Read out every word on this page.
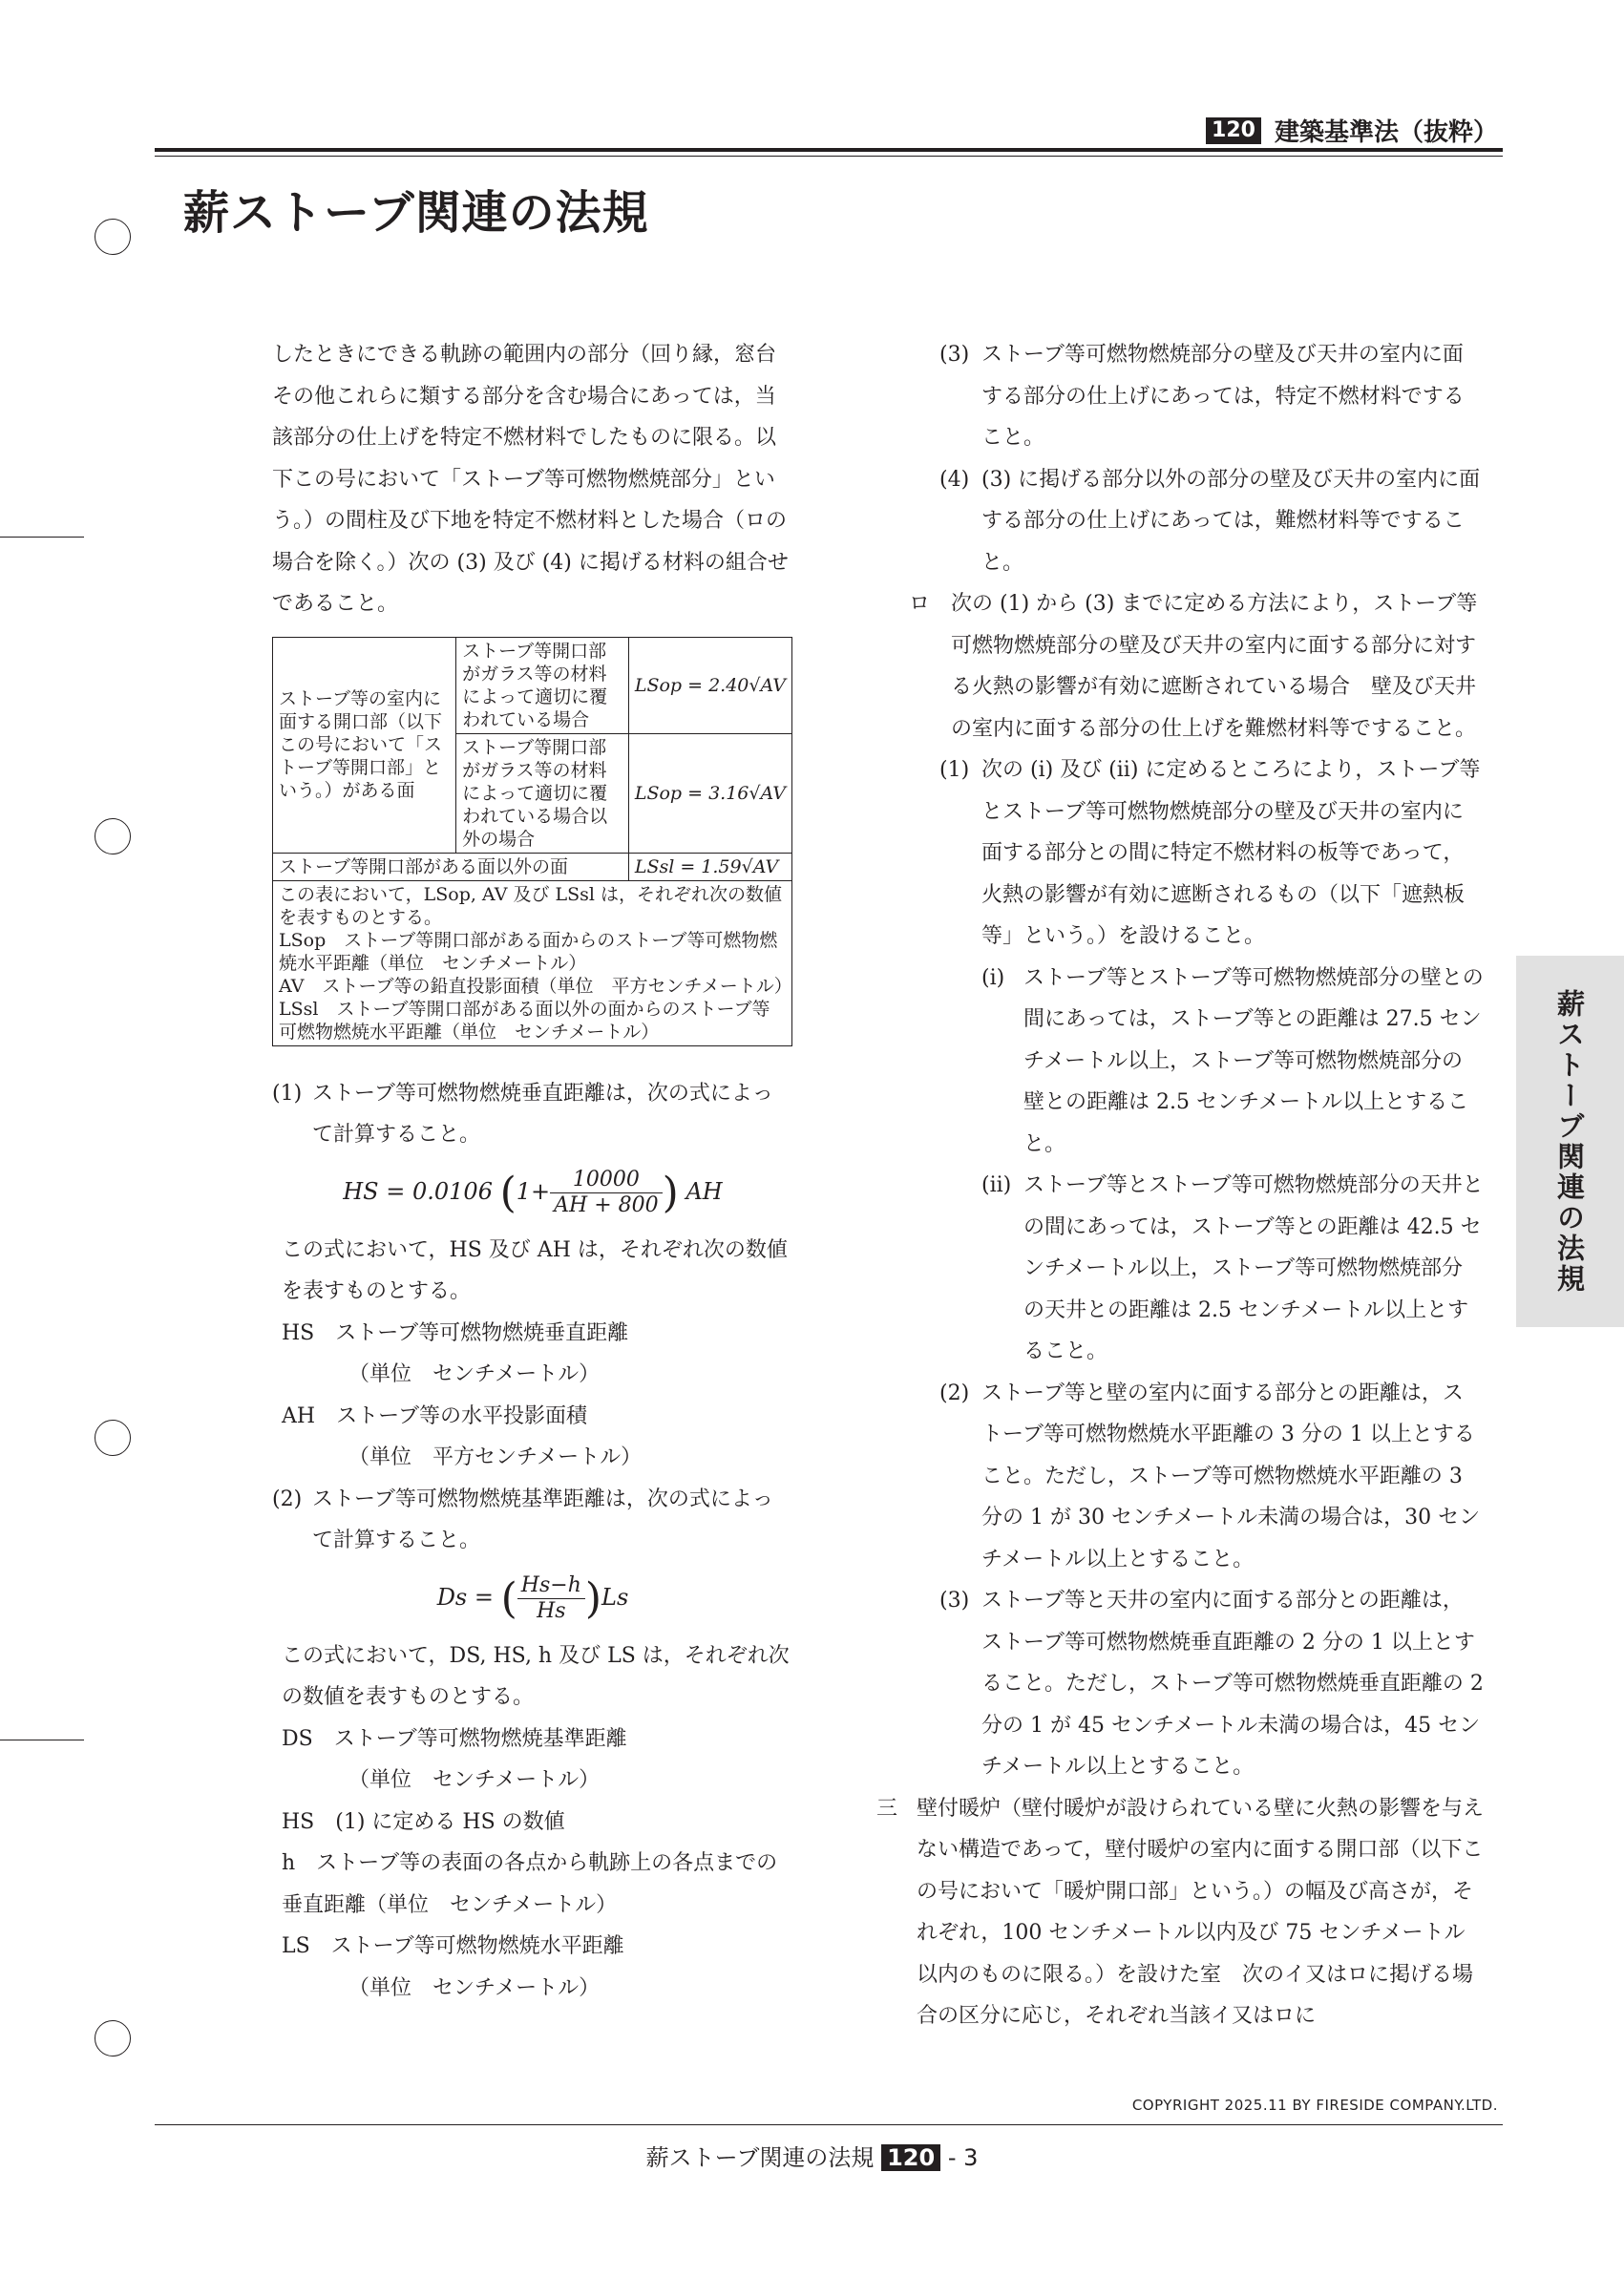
120 建築基準法（抜粋）
薪ストーブ関連の法規
薪ストーブ関連の法規

したときにできる軌跡の範囲内の部分（回り縁，窓台その他これらに類する部分を含む場合にあっては，当該部分の仕上げを特定不燃材料でしたものに限る。以下この号において「ストーブ等可燃物燃焼部分」という。）の間柱及び下地を特定不燃材料とした場合（ロの場合を除く。）次の (3) 及び (4) に掲げる材料の組合せであること。

ストーブ等の室内に面する開口部（以下この号において「ストーブ等開口部」という。）がある面	ストーブ等開口部がガラス等の材料によって適切に覆われている場合	LSop = 2.40√AV
	ストーブ等開口部がガラス等の材料によって適切に覆われている場合以外の場合	LSop = 3.16√AV
ストーブ等開口部がある面以外の面		LSsl = 1.59√AV

この表において，LSop, AV 及び LSsl は，それぞれ次の数値を表すものとする。
LSop　ストーブ等開口部がある面からのストーブ等可燃物燃焼水平距離（単位　センチメートル）
AV　ストーブ等の鉛直投影面積（単位　平方センチメートル）
LSsl　ストーブ等開口部がある面以外の面からのストーブ等可燃物燃焼水平距離（単位　センチメートル）		
(1) ストーブ等可燃物燃焼垂直距離は，次の式によって計算すること。
HS = 0.0106 ($1+ \frac{10000}{AH + 800}$ ) AH

この式において，HS 及び AH は，それぞれ次の数値を表すものとする。

HS　ストーブ等可燃物燃焼垂直距離

（単位　センチメートル）

AH　ストーブ等の水平投影面積

（単位　平方センチメートル）

(2) ストーブ等可燃物燃焼基準距離は，次の式によって計算すること。
Ds = ( $\frac{Hs-h}{Hs} )Ls$

この式において，DS, HS, h 及び LS は，それぞれ次の数値を表すものとする。

DS　ストーブ等可燃物燃焼基準距離

（単位　センチメートル）

HS　(1) に定める HS の数値

h　ストーブ等の表面の各点から軌跡上の各点までの垂直距離（単位　センチメートル）

LS　ストーブ等可燃物燃焼水平距離

（単位　センチメートル）

(3) ストーブ等可燃物燃焼部分の壁及び天井の室内に面する部分の仕上げにあっては，特定不燃材料ですること。
(4) (3) に掲げる部分以外の部分の壁及び天井の室内に面する部分の仕上げにあっては，難燃材料等ですること。
ロ 次の (1) から (3) までに定める方法により，ストーブ等可燃物燃焼部分の壁及び天井の室内に面する部分に対する火熱の影響が有効に遮断されている場合　壁及び天井の室内に面する部分の仕上げを難燃材料等ですること。
(1) 次の (i) 及び (ii) に定めるところにより，ストーブ等とストーブ等可燃物燃焼部分の壁及び天井の室内に面する部分との間に特定不燃材料の板等であって，火熱の影響が有効に遮断されるもの（以下「遮熱板等」という。）を設けること。
(i) ストーブ等とストーブ等可燃物燃焼部分の壁との間にあっては，ストーブ等との距離は 27.5 センチメートル以上，ストーブ等可燃物燃焼部分の壁との距離は 2.5 センチメートル以上とすること。
(ii) ストーブ等とストーブ等可燃物燃焼部分の天井との間にあっては，ストーブ等との距離は 42.5 センチメートル以上，ストーブ等可燃物燃焼部分の天井との距離は 2.5 センチメートル以上とすること。
(2) ストーブ等と壁の室内に面する部分との距離は，ストーブ等可燃物燃焼水平距離の 3 分の 1 以上とすること。ただし，ストーブ等可燃物燃焼水平距離の 3 分の 1 が 30 センチメートル未満の場合は，30 センチメートル以上とすること。
(3) ストーブ等と天井の室内に面する部分との距離は，ストーブ等可燃物燃焼垂直距離の 2 分の 1 以上とすること。ただし，ストーブ等可燃物燃焼垂直距離の 2 分の 1 が 45 センチメートル未満の場合は，45 センチメートル以上とすること。
三 壁付暖炉（壁付暖炉が設けられている壁に火熱の影響を与えない構造であって，壁付暖炉の室内に面する開口部（以下この号において「暖炉開口部」という。）の幅及び高さが，それぞれ，100 センチメートル以内及び 75 センチメートル以内のものに限る。）を設けた室　次のイ又はロに掲げる場合の区分に応じ，それぞれ当該イ又はロに
COPYRIGHT 2025.11 BY FIRESIDE COMPANY.LTD.
薪ストーブ関連の法規 120 - 3
